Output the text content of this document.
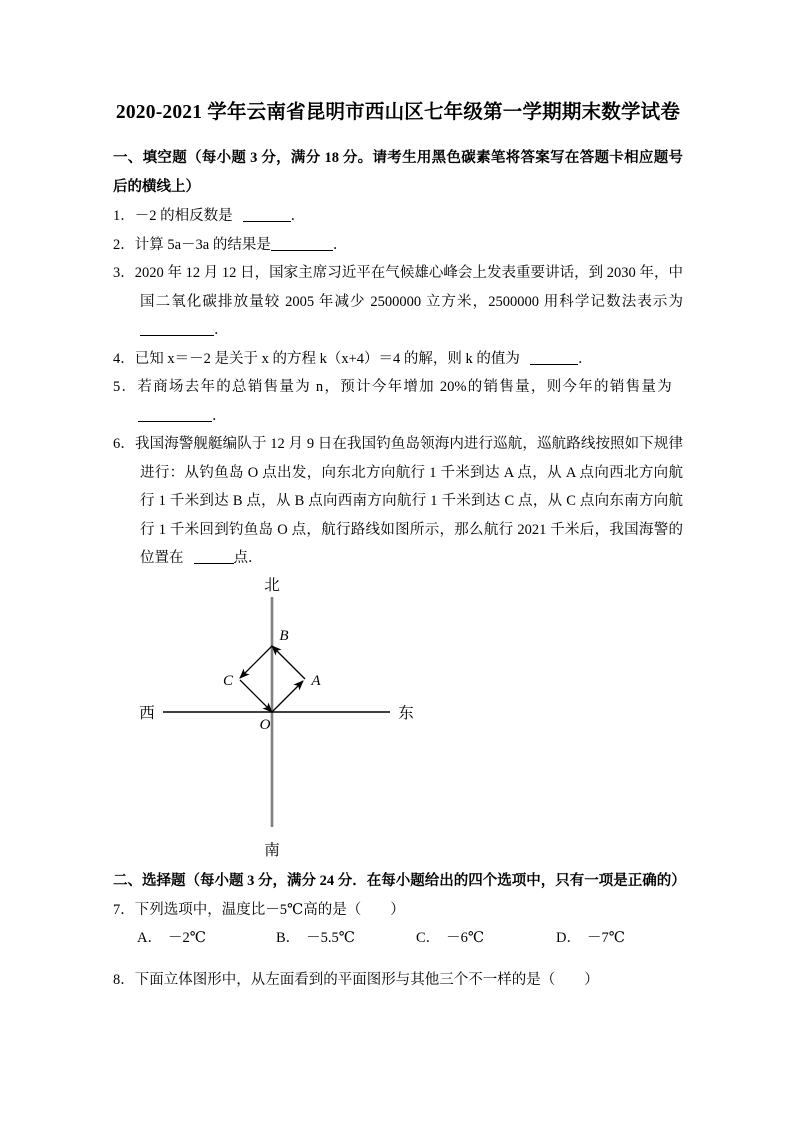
2020-2021 学年云南省昆明市西山区七年级第一学期期末数学试卷

一、填空题（每小题 3 分，满分 18 分。请考生用黑色碳素笔将答案写在答题卡相应题号后的横线上）

1．－2 的相反数是	．

2．计算 5a－3a 的结果是	．

3．2020 年 12 月 12 日，国家主席习近平在气候雄心峰会上发表重要讲话，到 2030 年，中国二氧化碳排放量较 2005 年减少 2500000 立方米，2500000 用科学记数法表示为．

4．已知 x＝－2 是关于 x 的方程 k（x+4）＝4 的解，则 k 的值为	．

5．若商场去年的总销售量为 n，预计今年增加 20%的销售量，则今年的销售量为．

6．我国海警舰艇编队于 12 月 9 日在我国钓鱼岛领海内进行巡航，巡航路线按照如下规律进行：从钓鱼岛 O 点出发，向东北方向航行 1 千米到达 A 点，从 A 点向西北方向航行 1 千米到达 B 点，从 B 点向西南方向航行 1 千米到达 C 点，从 C 点向东南方向航行 1 千米回到钓鱼岛 O 点，航行路线如图所示，那么航行 2021 千米后，我国海警的位置在	点．

北
南
西	东
O
A
B
C

二、选择题（每小题 3 分，满分 24 分．在每小题给出的四个选项中，只有一项是正确的）

7．下列选项中，温度比－5℃高的是（　　）

A． －2℃	B． －5.5℃	C． －6℃	D． －7℃

8．下面立体图形中，从左面看到的平面图形与其他三个不一样的是（　　）
